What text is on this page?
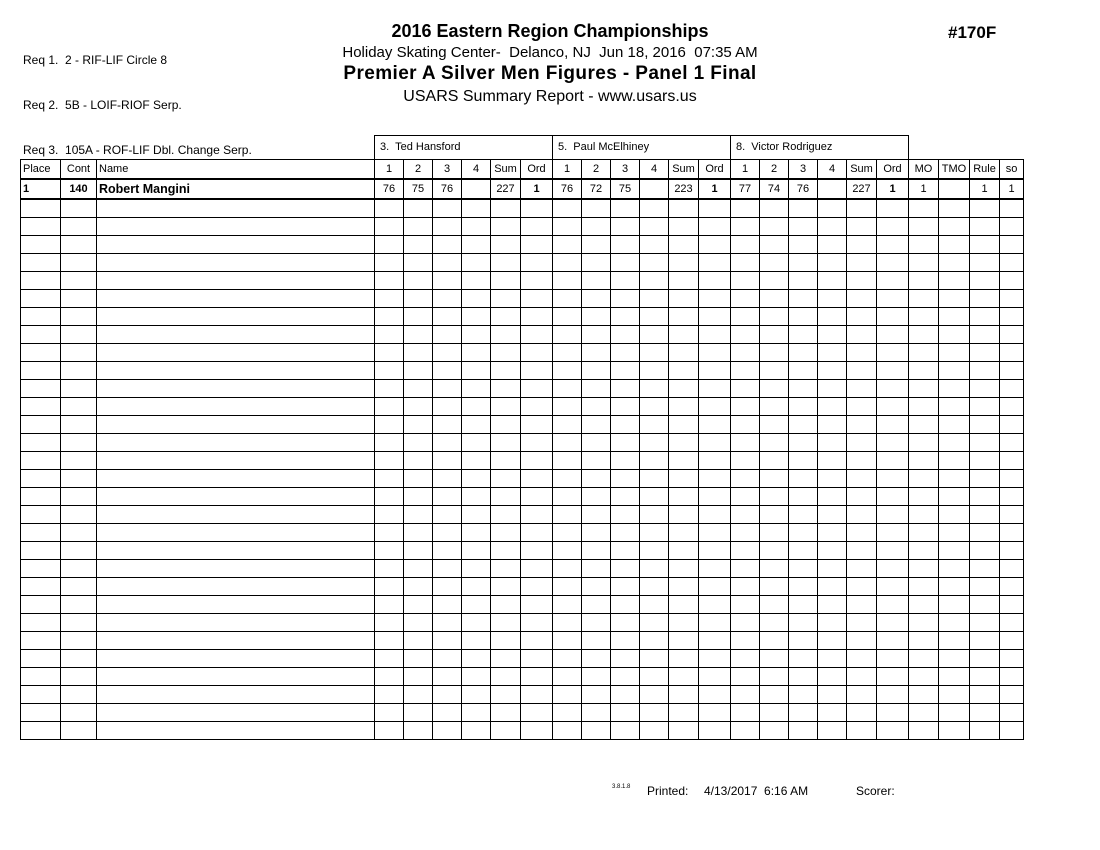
Req 1.  2 - RIF-LIF Circle 8

Req 2.  5B - LOIF-RIOF Serp.

Req 3.  105A - ROF-LIF Dbl. Change Serp.

2016 Eastern Region Championships
Holiday Skating Center-  Delanco, NJ  Jun 18, 2016  07:35 AM
Premier A Silver Men Figures - Panel 1 Final
USARS Summary Report - www.usars.us
#170F
			3.  Ted Hansford						5.  Paul McElhiney						8.  Victor Rodriguez									
Place	Cont	Name	1	2	3	4	Sum	Ord	1	2	3	4	Sum	Ord	1	2	3	4	Sum	Ord	MO	TMO	Rule	so
1	140	Robert Mangini	76	75	76		227	1	76	72	75		223	1	77	74	76		227	1	1		1	1

3.8.1.8 Printed: 4/13/2017  6:16 AM	Scorer:
